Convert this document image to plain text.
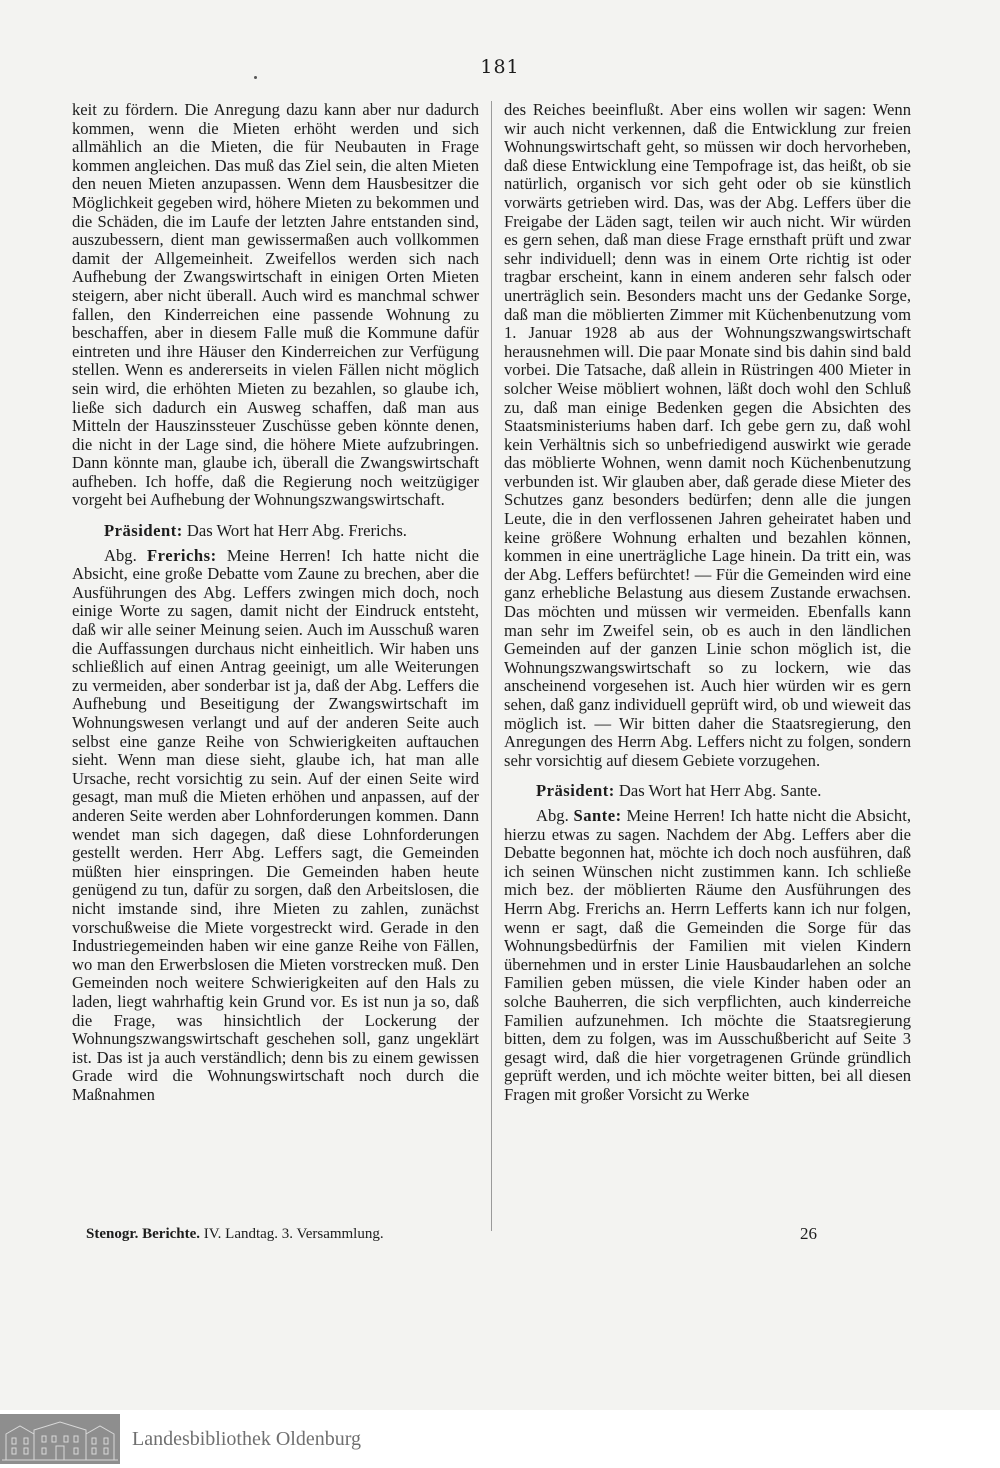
181

keit zu fördern. Die Anregung dazu kann aber nur dadurch kommen, wenn die Mieten erhöht werden und sich allmählich an die Mieten, die für Neubauten in Frage kommen angleichen. Das muß das Ziel sein, die alten Mieten den neuen Mieten anzupassen. Wenn dem Hausbesitzer die Möglichkeit gegeben wird, höhere Mieten zu bekommen und die Schäden, die im Laufe der letzten Jahre entstanden sind, auszubessern, dient man gewissermaßen auch vollkommen damit der Allgemeinheit. Zweifellos werden sich nach Aufhebung der Zwangswirtschaft in einigen Orten Mieten steigern, aber nicht überall. Auch wird es manchmal schwer fallen, den Kinderreichen eine passende Wohnung zu beschaffen, aber in diesem Falle muß die Kommune dafür eintreten und ihre Häuser den Kinderreichen zur Verfügung stellen. Wenn es andererseits in vielen Fällen nicht möglich sein wird, die erhöhten Mieten zu bezahlen, so glaube ich, ließe sich dadurch ein Ausweg schaffen, daß man aus Mitteln der Hauszinssteuer Zuschüsse geben könnte denen, die nicht in der Lage sind, die höhere Miete aufzubringen. Dann könnte man, glaube ich, überall die Zwangswirtschaft aufheben. Ich hoffe, daß die Regierung noch weitzügiger vorgeht bei Aufhebung der Wohnungszwangswirtschaft.

Präsident: Das Wort hat Herr Abg. Frerichs.

Abg. Frerichs: Meine Herren! Ich hatte nicht die Absicht, eine große Debatte vom Zaune zu brechen, aber die Ausführungen des Abg. Leffers zwingen mich doch, noch einige Worte zu sagen, damit nicht der Eindruck entsteht, daß wir alle seiner Meinung seien. Auch im Ausschuß waren die Auffassungen durchaus nicht einheitlich. Wir haben uns schließlich auf einen Antrag geeinigt, um alle Weiterungen zu vermeiden, aber sonderbar ist ja, daß der Abg. Leffers die Aufhebung und Beseitigung der Zwangswirtschaft im Wohnungswesen verlangt und auf der anderen Seite auch selbst eine ganze Reihe von Schwierigkeiten auftauchen sieht. Wenn man diese sieht, glaube ich, hat man alle Ursache, recht vorsichtig zu sein. Auf der einen Seite wird gesagt, man muß die Mieten erhöhen und anpassen, auf der anderen Seite werden aber Lohnforderungen kommen. Dann wendet man sich dagegen, daß diese Lohnforderungen gestellt werden. Herr Abg. Leffers sagt, die Gemeinden müßten hier einspringen. Die Gemeinden haben heute genügend zu tun, dafür zu sorgen, daß den Arbeitslosen, die nicht imstande sind, ihre Mieten zu zahlen, zunächst vorschußweise die Miete vorgestreckt wird. Gerade in den Industriegemeinden haben wir eine ganze Reihe von Fällen, wo man den Erwerbslosen die Mieten vorstrecken muß. Den Gemeinden noch weitere Schwierigkeiten auf den Hals zu laden, liegt wahrhaftig kein Grund vor. Es ist nun ja so, daß die Frage, was hinsichtlich der Lockerung der Wohnungszwangswirtschaft geschehen soll, ganz ungeklärt ist. Das ist ja auch verständlich; denn bis zu einem gewissen Grade wird die Wohnungswirtschaft noch durch die Maßnahmen

des Reiches beeinflußt. Aber eins wollen wir sagen: Wenn wir auch nicht verkennen, daß die Entwicklung zur freien Wohnungswirtschaft geht, so müssen wir doch hervorheben, daß diese Entwicklung eine Tempofrage ist, das heißt, ob sie natürlich, organisch vor sich geht oder ob sie künstlich vorwärts getrieben wird. Das, was der Abg. Leffers über die Freigabe der Läden sagt, teilen wir auch nicht. Wir würden es gern sehen, daß man diese Frage ernsthaft prüft und zwar sehr individuell; denn was in einem Orte richtig ist oder tragbar erscheint, kann in einem anderen sehr falsch oder unerträglich sein. Besonders macht uns der Gedanke Sorge, daß man die möblierten Zimmer mit Küchenbenutzung vom 1. Januar 1928 ab aus der Wohnungszwangswirtschaft herausnehmen will. Die paar Monate sind bis dahin sind bald vorbei. Die Tatsache, daß allein in Rüstringen 400 Mieter in solcher Weise möbliert wohnen, läßt doch wohl den Schluß zu, daß man einige Bedenken gegen die Absichten des Staatsministeriums haben darf. Ich gebe gern zu, daß wohl kein Verhältnis sich so unbefriedigend auswirkt wie gerade das möblierte Wohnen, wenn damit noch Küchenbenutzung verbunden ist. Wir glauben aber, daß gerade diese Mieter des Schutzes ganz besonders bedürfen; denn alle die jungen Leute, die in den verflossenen Jahren geheiratet haben und keine größere Wohnung erhalten und bezahlen können, kommen in eine unerträgliche Lage hinein. Da tritt ein, was der Abg. Leffers befürchtet! — Für die Gemeinden wird eine ganz erhebliche Belastung aus diesem Zustande erwachsen. Das möchten und müssen wir vermeiden. Ebenfalls kann man sehr im Zweifel sein, ob es auch in den ländlichen Gemeinden auf der ganzen Linie schon möglich ist, die Wohnungszwangswirtschaft so zu lockern, wie das anscheinend vorgesehen ist. Auch hier würden wir es gern sehen, daß ganz individuell geprüft wird, ob und wieweit das möglich ist. — Wir bitten daher die Staatsregierung, den Anregungen des Herrn Abg. Leffers nicht zu folgen, sondern sehr vorsichtig auf diesem Gebiete vorzugehen.

Präsident: Das Wort hat Herr Abg. Sante.

Abg. Sante: Meine Herren! Ich hatte nicht die Absicht, hierzu etwas zu sagen. Nachdem der Abg. Leffers aber die Debatte begonnen hat, möchte ich doch noch ausführen, daß ich seinen Wünschen nicht zustimmen kann. Ich schließe mich bez. der möblierten Räume den Ausführungen des Herrn Abg. Frerichs an. Herrn Lefferts kann ich nur folgen, wenn er sagt, daß die Gemeinden die Sorge für das Wohnungsbedürfnis der Familien mit vielen Kindern übernehmen und in erster Linie Hausbaudarlehen an solche Familien geben müssen, die viele Kinder haben oder an solche Bauherren, die sich verpflichten, auch kinderreiche Familien aufzunehmen. Ich möchte die Staatsregierung bitten, dem zu folgen, was im Ausschußbericht auf Seite 3 gesagt wird, daß die hier vorgetragenen Gründe gründlich geprüft werden, und ich möchte weiter bitten, bei all diesen Fragen mit großer Vorsicht zu Werke

Stenogr. Berichte. IV. Landtag. 3. Versammlung.	26
Landesbibliothek Oldenburg
